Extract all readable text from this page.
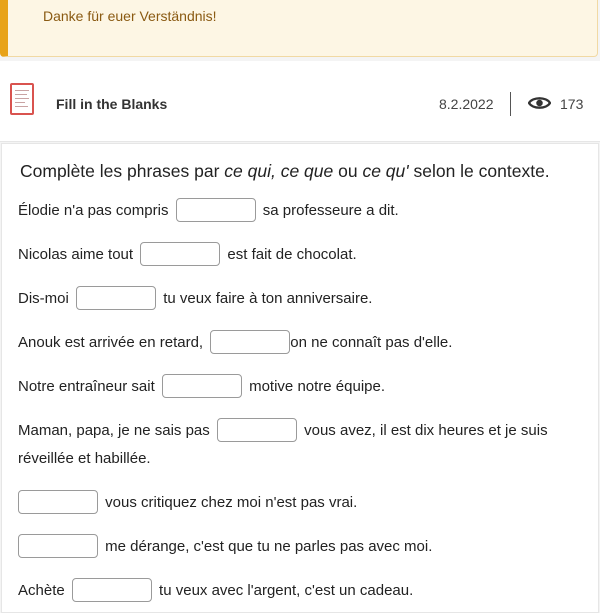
Danke für euer Verständnis!
Fill in the Blanks	8.2.2022	173
Complète les phrases par ce qui, ce que ou ce qu' selon le contexte.
Élodie n'a pas compris	sa professeure a dit.
Nicolas aime tout	est fait de chocolat.
Dis-moi	tu veux faire à ton anniversaire.
Anouk est arrivée en retard,	on ne connaît pas d'elle.
Notre entraîneur sait	motive notre équipe.
Maman, papa, je ne sais pas	vous avez, il est dix heures et je suis réveillée et habillée.
vous critiquez chez moi n'est pas vrai.
me dérange, c'est que tu ne parles pas avec moi.
Achète	tu veux avec l'argent, c'est un cadeau.
